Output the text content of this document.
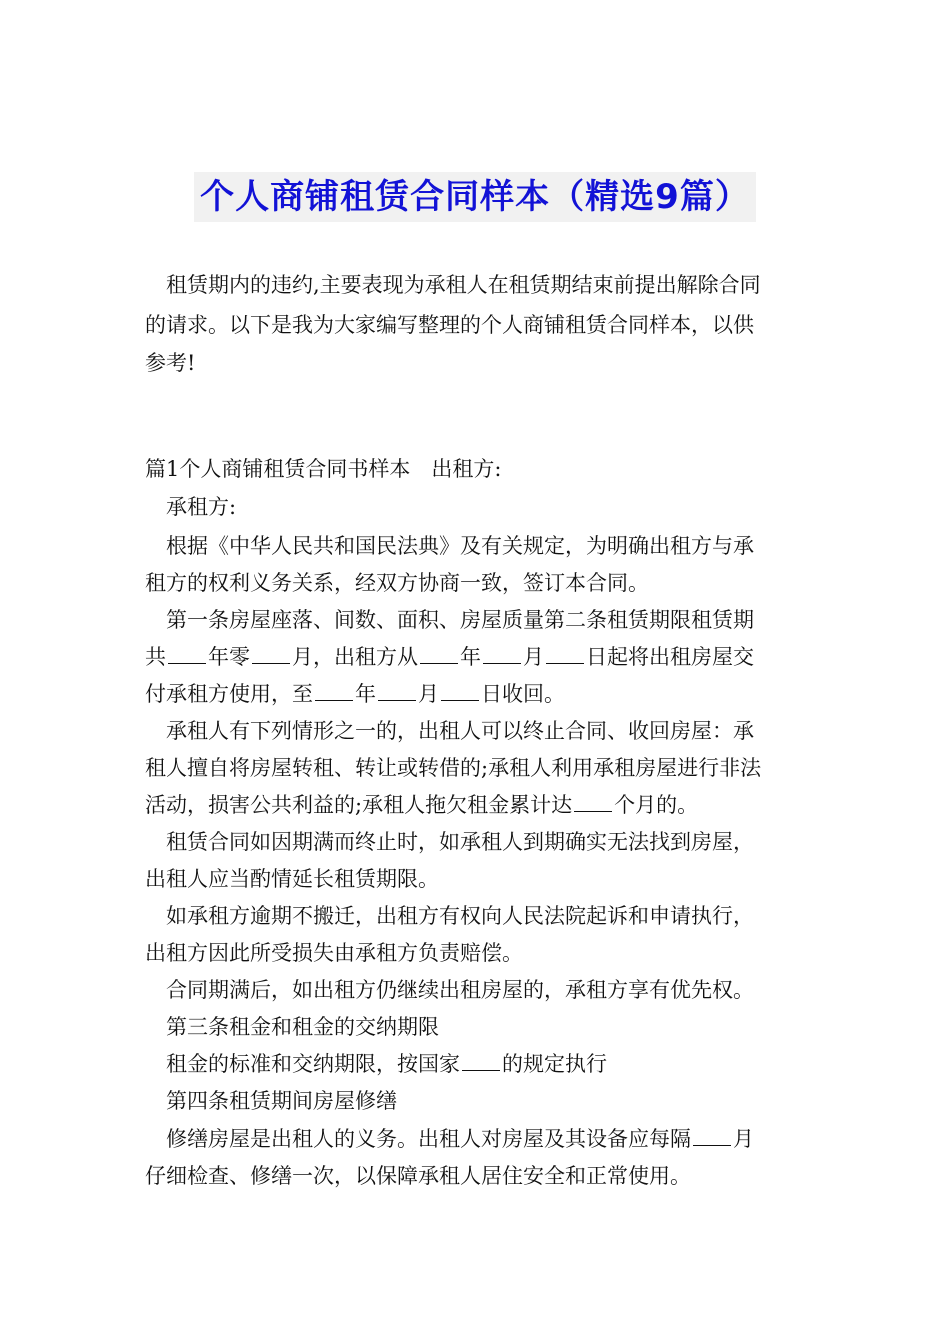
个人商铺租赁合同样本（精选9篇）
租赁期内的违约,主要表现为承租人在租赁期结束前提出解除合同
的请求。以下是我为大家编写整理的个人商铺租赁合同样本，以供
参考!
篇1个人商铺租赁合同书样本　出租方:
承租方:
根据《中华人民共和国民法典》及有关规定，为明确出租方与承
租方的权利义务关系，经双方协商一致，签订本合同。
第一条房屋座落、间数、面积、房屋质量第二条租赁期限租赁期
共 年零 月，出租方从 年 月 日起将出租房屋交
付承租方使用，至 年 月 日收回。
承租人有下列情形之一的，出租人可以终止合同、收回房屋：承
租人擅自将房屋转租、转让或转借的;承租人利用承租房屋进行非法
活动，损害公共利益的;承租人拖欠租金累计达 个月的。
租赁合同如因期满而终止时，如承租人到期确实无法找到房屋，
出租人应当酌情延长租赁期限。
如承租方逾期不搬迁，出租方有权向人民法院起诉和申请执行，
出租方因此所受损失由承租方负责赔偿。
合同期满后，如出租方仍继续出租房屋的，承租方享有优先权。
第三条租金和租金的交纳期限
租金的标准和交纳期限，按国家 的规定执行
第四条租赁期间房屋修缮
修缮房屋是出租人的义务。出租人对房屋及其设备应每隔 月
仔细检查、修缮一次，以保障承租人居住安全和正常使用。
